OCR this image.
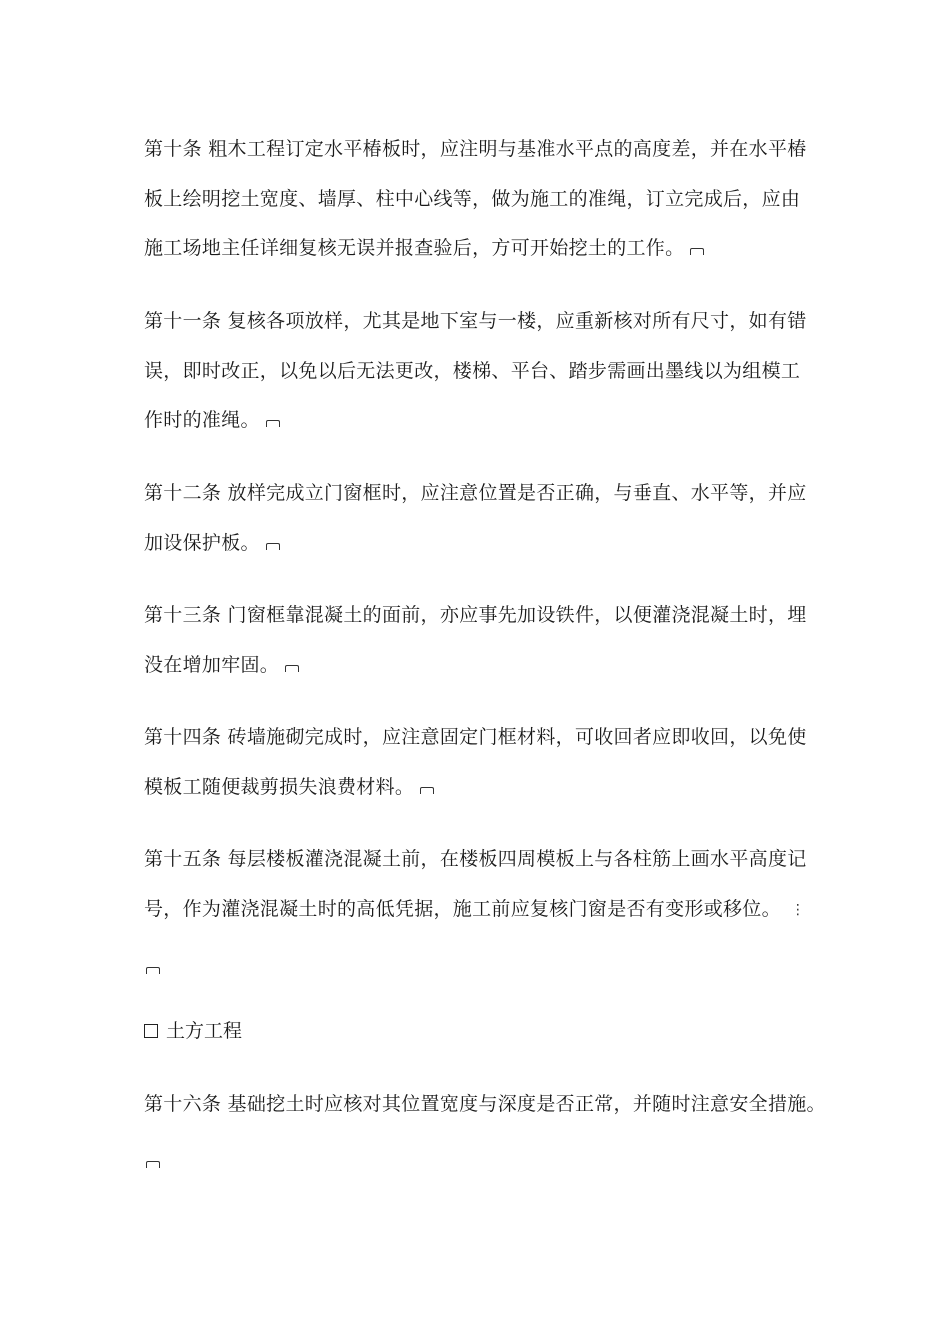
第十条 粗木工程订定水平椿板时，应注明与基准水平点的高度差，并在水平椿板上绘明挖土宽度、墙厚、柱中心线等，做为施工的准绳，订立完成后，应由施工场地主任详细复核无误并报查验后，方可开始挖土的工作。

第十一条 复核各项放样，尤其是地下室与一楼，应重新核对所有尺寸，如有错误，即时改正，以免以后无法更改，楼梯、平台、踏步需画出墨线以为组模工作时的准绳。

第十二条 放样完成立门窗框时，应注意位置是否正确，与垂直、水平等，并应加设保护板。

第十三条 门窗框靠混凝土的面前，亦应事先加设铁件，以便灌浇混凝土时，埋没在增加牢固。

第十四条 砖墙施砌完成时，应注意固定门框材料，可收回者应即收回，以免使模板工随便裁剪损失浪费材料。

第十五条 每层楼板灌浇混凝土前，在楼板四周模板上与各柱筋上画水平高度记号，作为灌浇混凝土时的高低凭据，施工前应复核门窗是否有变形或移位。 ⋮

土方工程

第十六条 基础挖土时应核对其位置宽度与深度是否正常，并随时注意安全措施。
